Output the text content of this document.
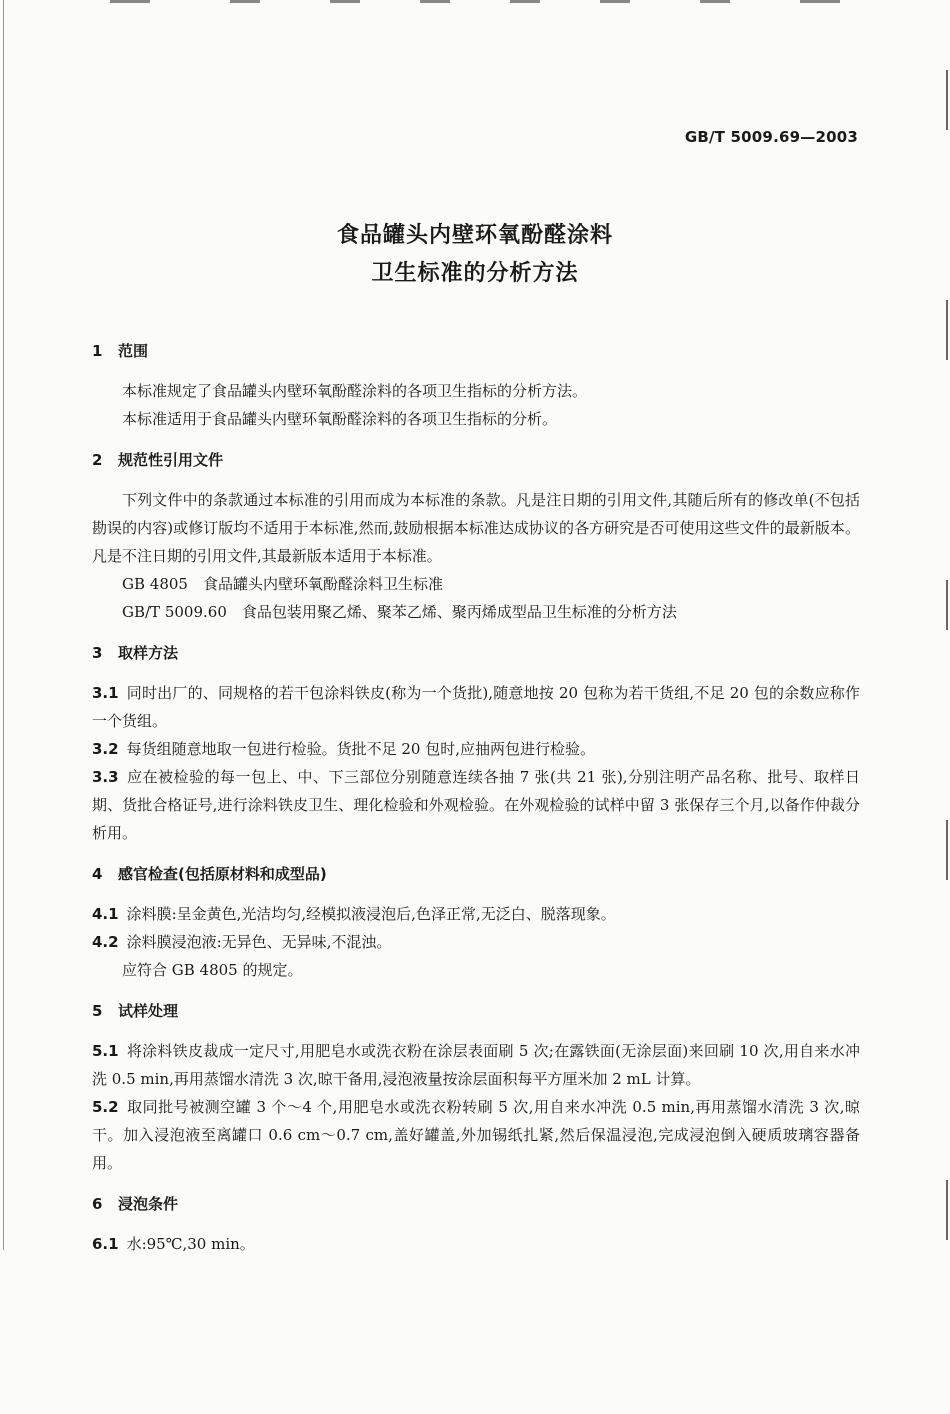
GB/T 5009.69—2003
食品罐头内壁环氧酚醛涂料
卫生标准的分析方法

1 范围

本标准规定了食品罐头内壁环氧酚醛涂料的各项卫生指标的分析方法。

本标准适用于食品罐头内壁环氧酚醛涂料的各项卫生指标的分析。

2 规范性引用文件

下列文件中的条款通过本标准的引用而成为本标准的条款。凡是注日期的引用文件,其随后所有的修改单(不包括勘误的内容)或修订版均不适用于本标准,然而,鼓励根据本标准达成协议的各方研究是否可使用这些文件的最新版本。凡是不注日期的引用文件,其最新版本适用于本标准。

GB 4805　食品罐头内壁环氧酚醛涂料卫生标准

GB/T 5009.60　食品包装用聚乙烯、聚苯乙烯、聚丙烯成型品卫生标准的分析方法

3 取样方法

3.1 同时出厂的、同规格的若干包涂料铁皮(称为一个货批),随意地按 20 包称为若干货组,不足 20 包的余数应称作一个货组。

3.2 每货组随意地取一包进行检验。货批不足 20 包时,应抽两包进行检验。

3.3 应在被检验的每一包上、中、下三部位分别随意连续各抽 7 张(共 21 张),分别注明产品名称、批号、取样日期、货批合格证号,进行涂料铁皮卫生、理化检验和外观检验。在外观检验的试样中留 3 张保存三个月,以备作仲裁分析用。

4 感官检查(包括原材料和成型品)

4.1 涂料膜:呈金黄色,光洁均匀,经模拟液浸泡后,色泽正常,无泛白、脱落现象。

4.2 涂料膜浸泡液:无异色、无异味,不混浊。

应符合 GB 4805 的规定。

5 试样处理

5.1 将涂料铁皮裁成一定尺寸,用肥皂水或洗衣粉在涂层表面刷 5 次;在露铁面(无涂层面)来回刷 10 次,用自来水冲洗 0.5 min,再用蒸馏水清洗 3 次,晾干备用,浸泡液量按涂层面积每平方厘米加 2 mL 计算。

5.2 取同批号被测空罐 3 个～4 个,用肥皂水或洗衣粉转刷 5 次,用自来水冲洗 0.5 min,再用蒸馏水清洗 3 次,晾干。加入浸泡液至离罐口 0.6 cm～0.7 cm,盖好罐盖,外加锡纸扎紧,然后保温浸泡,完成浸泡倒入硬质玻璃容器备用。

6 浸泡条件

6.1 水:95℃,30 min。
